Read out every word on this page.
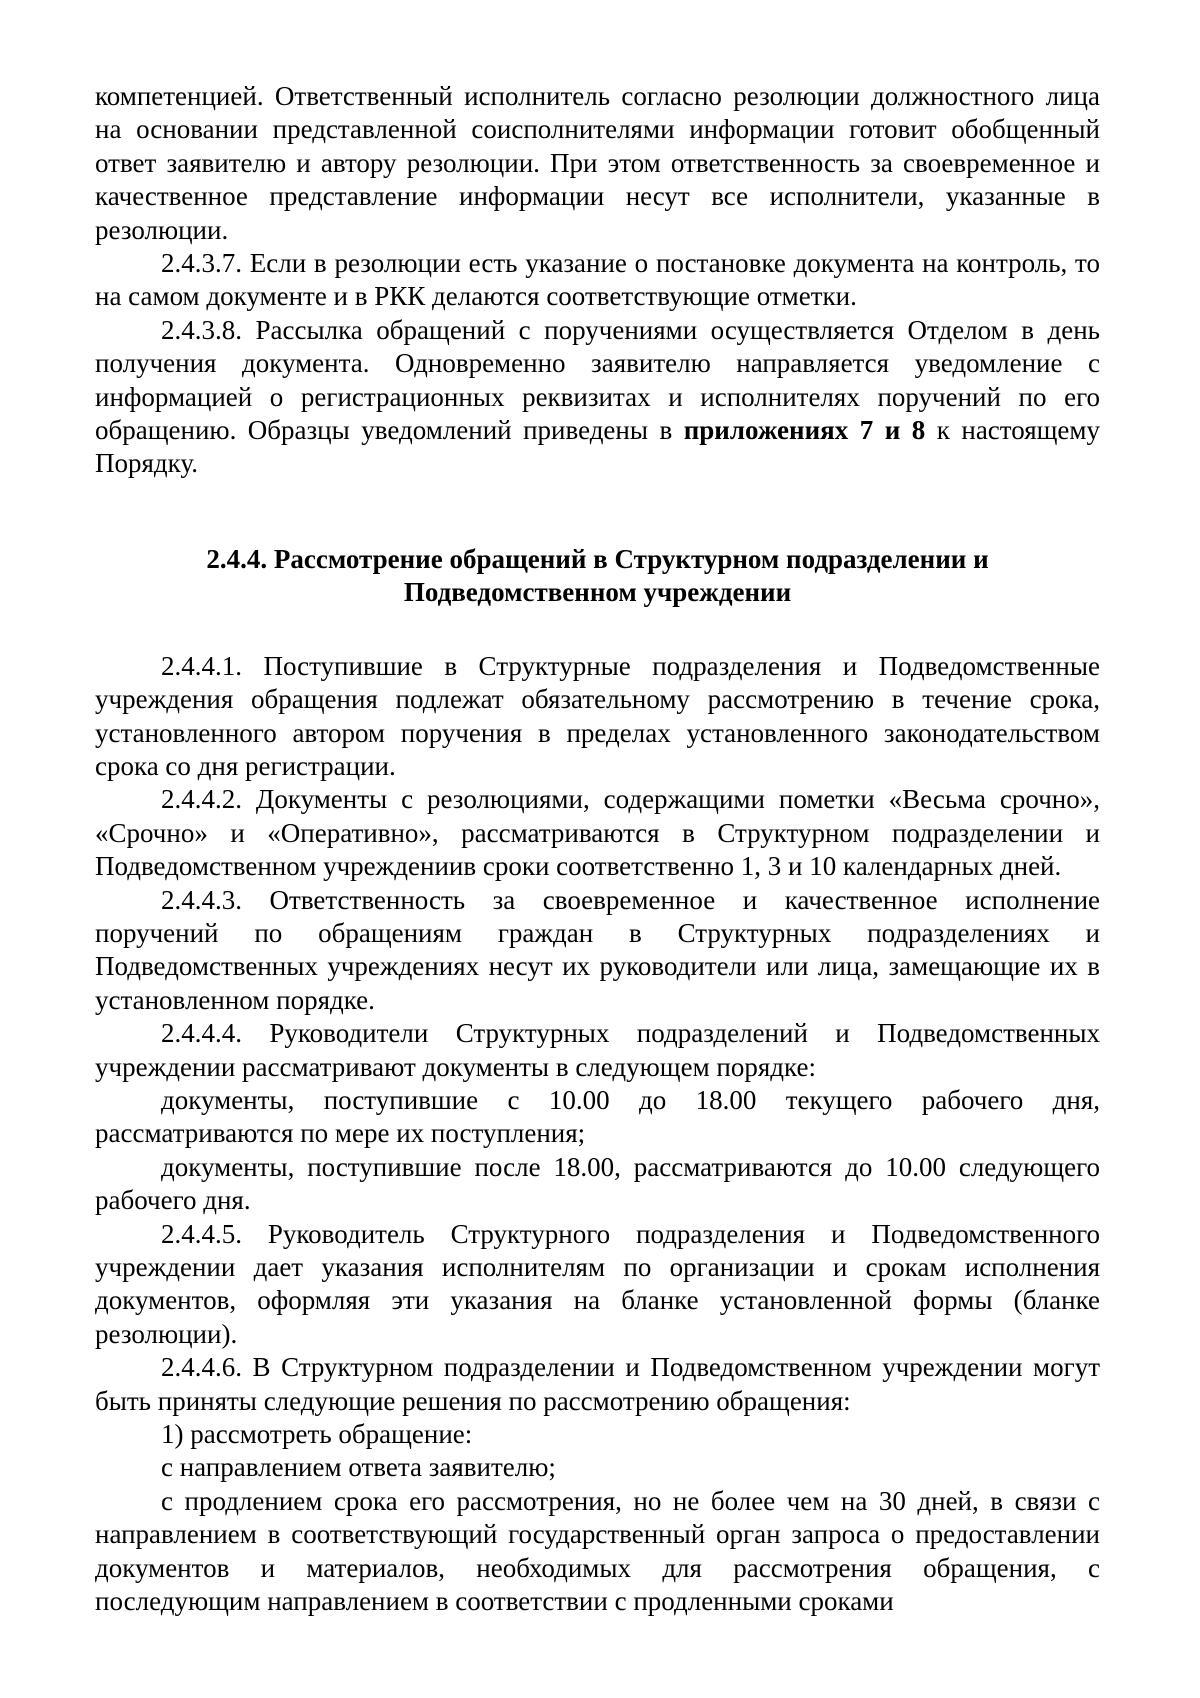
компетенцией. Ответственный исполнитель согласно резолюции должностного лица на основании представленной соисполнителями информации готовит обобщенный ответ заявителю и автору резолюции. При этом ответственность за своевременное и качественное представление информации несут все исполнители, указанные в резолюции.

2.4.3.7. Если в резолюции есть указание о постановке документа на контроль, то на самом документе и в РКК делаются соответствующие отметки.

2.4.3.8. Рассылка обращений с поручениями осуществляется Отделом в день получения документа. Одновременно заявителю направляется уведомление с информацией о регистрационных реквизитах и исполнителях поручений по его обращению. Образцы уведомлений приведены в приложениях 7 и 8 к настоящему Порядку.

2.4.4. Рассмотрение обращений в Структурном подразделении и
Подведомственном учреждении

2.4.4.1. Поступившие в Структурные подразделения и Подведомственные учреждения обращения подлежат обязательному рассмотрению в течение срока, установленного автором поручения в пределах установленного законодательством срока со дня регистрации.

2.4.4.2. Документы с резолюциями, содержащими пометки «Весьма срочно», «Срочно» и «Оперативно», рассматриваются в Структурном подразделении и Подведомственном учреждениив сроки соответственно 1, 3 и 10 календарных дней.

2.4.4.3. Ответственность за своевременное и качественное исполнение поручений по обращениям граждан в Структурных подразделениях и Подведомственных учреждениях несут их руководители или лица, замещающие их в установленном порядке.

2.4.4.4. Руководители Структурных подразделений и Подведомственных учреждении рассматривают документы в следующем порядке:

документы, поступившие с 10.00 до 18.00 текущего рабочего дня, рассматриваются по мере их поступления;

документы, поступившие после 18.00, рассматриваются до 10.00 следующего рабочего дня.

2.4.4.5. Руководитель Структурного подразделения и Подведомственного учреждении дает указания исполнителям по организации и срокам исполнения документов, оформляя эти указания на бланке установленной формы (бланке резолюции).

2.4.4.6. В Структурном подразделении и Подведомственном учреждении могут быть приняты следующие решения по рассмотрению обращения:

1) рассмотреть обращение:

с направлением ответа заявителю;

с продлением срока его рассмотрения, но не более чем на 30 дней, в связи с направлением в соответствующий государственный орган запроса о предоставлении документов и материалов, необходимых для рассмотрения обращения, с последующим направлением в соответствии с продленными сроками
